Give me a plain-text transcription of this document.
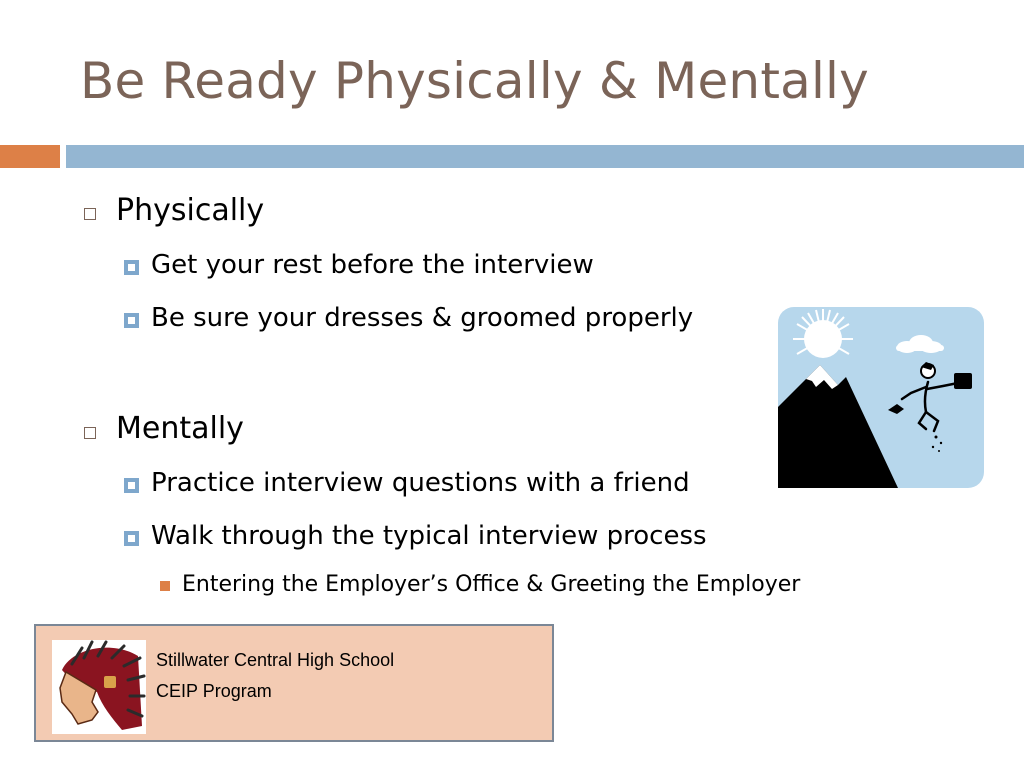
Be Ready Physically & Mentally
Physically
Get your rest before the interview
Be sure your dresses & groomed properly
Mentally
Practice interview questions with a friend
Walk through the typical interview process
Entering the Employer’s Office & Greeting the Employer
Stillwater Central High School
CEIP Program
